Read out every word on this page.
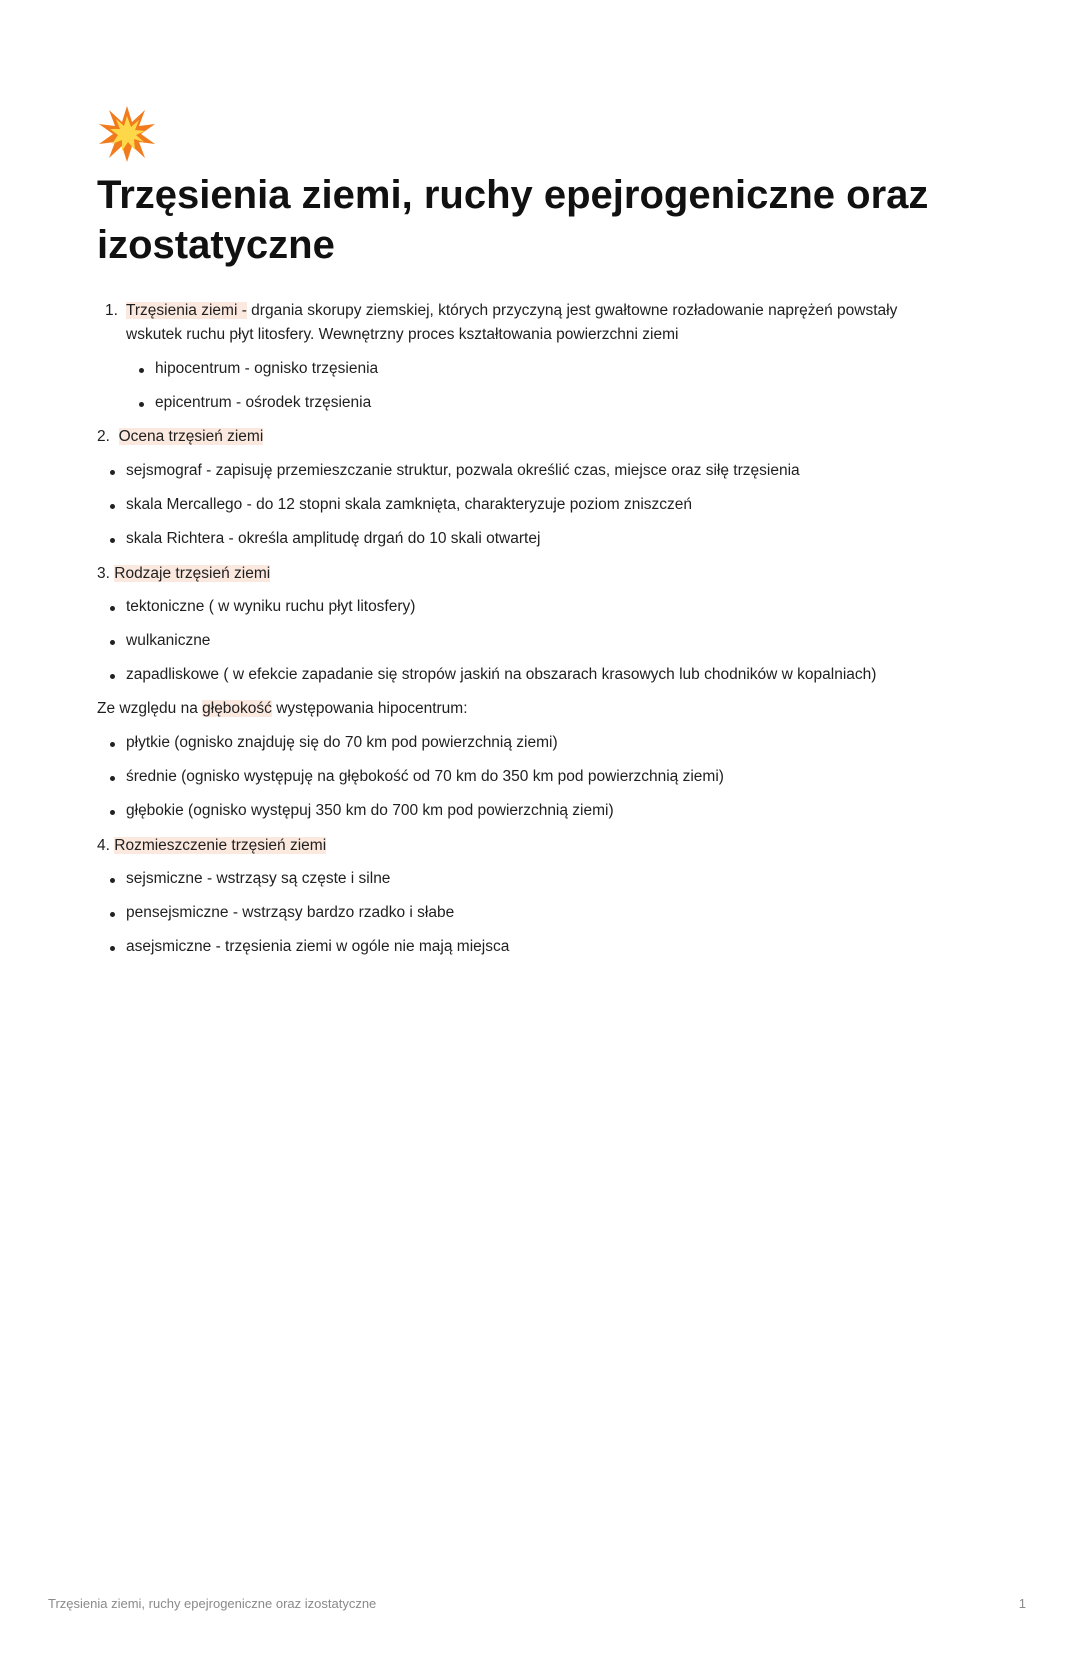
Trzęsienia ziemi, ruchy epejrogeniczne oraz izostatyczne
1. Trzęsienia ziemi - drgania skorupy ziemskiej, których przyczyną jest gwałtowne rozładowanie naprężeń powstały
wskutek ruchu płyt litosfery. Wewnętrzny proces kształtowania powierzchni ziemi
hipocentrum - ognisko trzęsienia
epicentrum - ośrodek trzęsienia
2. Ocena trzęsień ziemi
sejsmograf - zapisuję przemieszczanie struktur, pozwala określić czas, miejsce oraz siłę trzęsienia
skala Mercallego - do 12 stopni skala zamknięta, charakteryzuje poziom zniszczeń
skala Richtera - określa amplitudę drgań do 10 skali otwartej
3. Rodzaje trzęsień ziemi
tektoniczne ( w wyniku ruchu płyt litosfery)
wulkaniczne
zapadliskowe ( w efekcie zapadanie się stropów jaskiń na obszarach krasowych lub chodników w kopalniach)
Ze względu na głębokość występowania hipocentrum:
płytkie (ognisko znajduję się do 70 km pod powierzchnią ziemi)
średnie (ognisko występuję na głębokość od 70 km do 350 km pod powierzchnią ziemi)
głębokie (ognisko występuj 350 km do 700 km pod powierzchnią ziemi)
4. Rozmieszczenie trzęsień ziemi
sejsmiczne - wstrząsy są częste i silne
pensejsmiczne - wstrząsy bardzo rzadko i słabe
asejsmiczne - trzęsienia ziemi w ogóle nie mają miejsca
Trzęsienia ziemi, ruchy epejrogeniczne oraz izostatyczne	1
